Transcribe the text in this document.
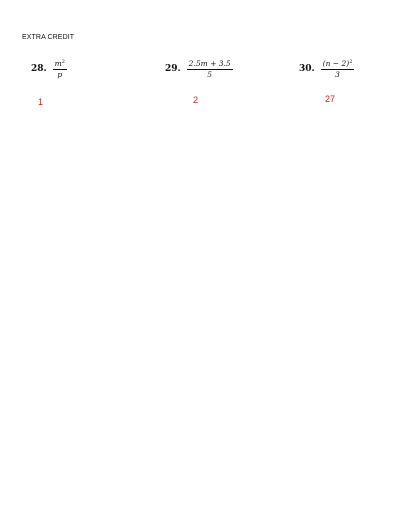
EXTRA CREDIT
28. $\frac{m^2}{p}$	29. $\frac{2.5m + 3.5}{5}$	30. $\frac{(n - 2)^2}{3}$
1	2	27
